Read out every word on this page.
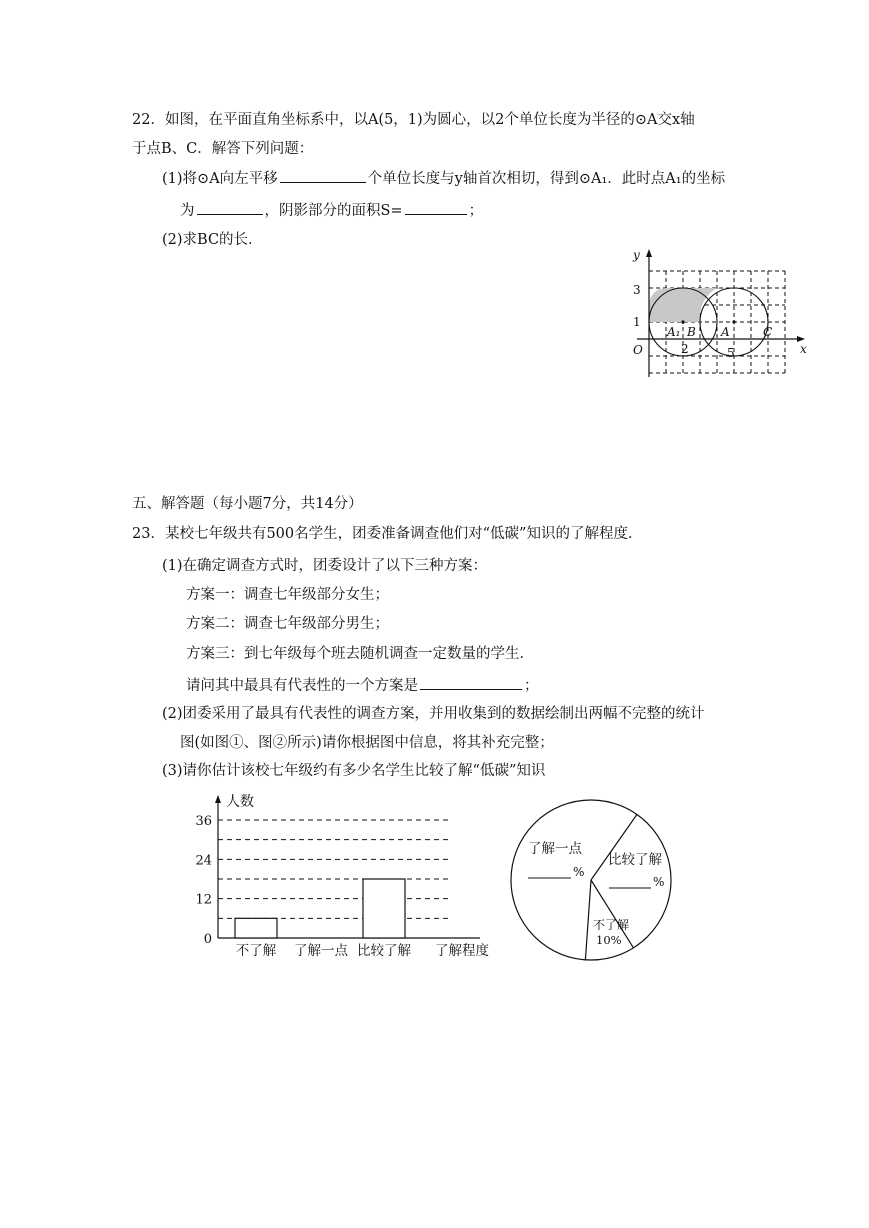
22．如图，在平面直角坐标系中，以A(5，1)为圆心，以2个单位长度为半径的⊙A交x轴
于点B、C．解答下列问题：
(1)将⊙A向左平移	个单位长度与y轴首次相切，得到⊙A₁．此时点A₁的坐标
为	，阴影部分的面积S=	；
(2)求BC的长．
y
x
O
3
1
2	5
A₁ B A	C
五、解答题（每小题7分，共14分）
23．某校七年级共有500名学生，团委准备调查他们对“低碳”知识的了解程度．
(1)在确定调查方式时，团委设计了以下三种方案：
方案一：调查七年级部分女生；
方案二：调查七年级部分男生；
方案三：到七年级每个班去随机调查一定数量的学生．
请问其中最具有代表性的一个方案是	；
(2)团委采用了最具有代表性的调查方案，并用收集到的数据绘制出两幅不完整的统计
图(如图①、图②所示)请你根据图中信息，将其补充完整；
(3)请你估计该校七年级约有多少名学生比较了解“低碳”知识
0
12
24
36
人数
不了解 了解一点 比较了解 了解程度
了解一点
%
比较了解
%
不了解
10%
